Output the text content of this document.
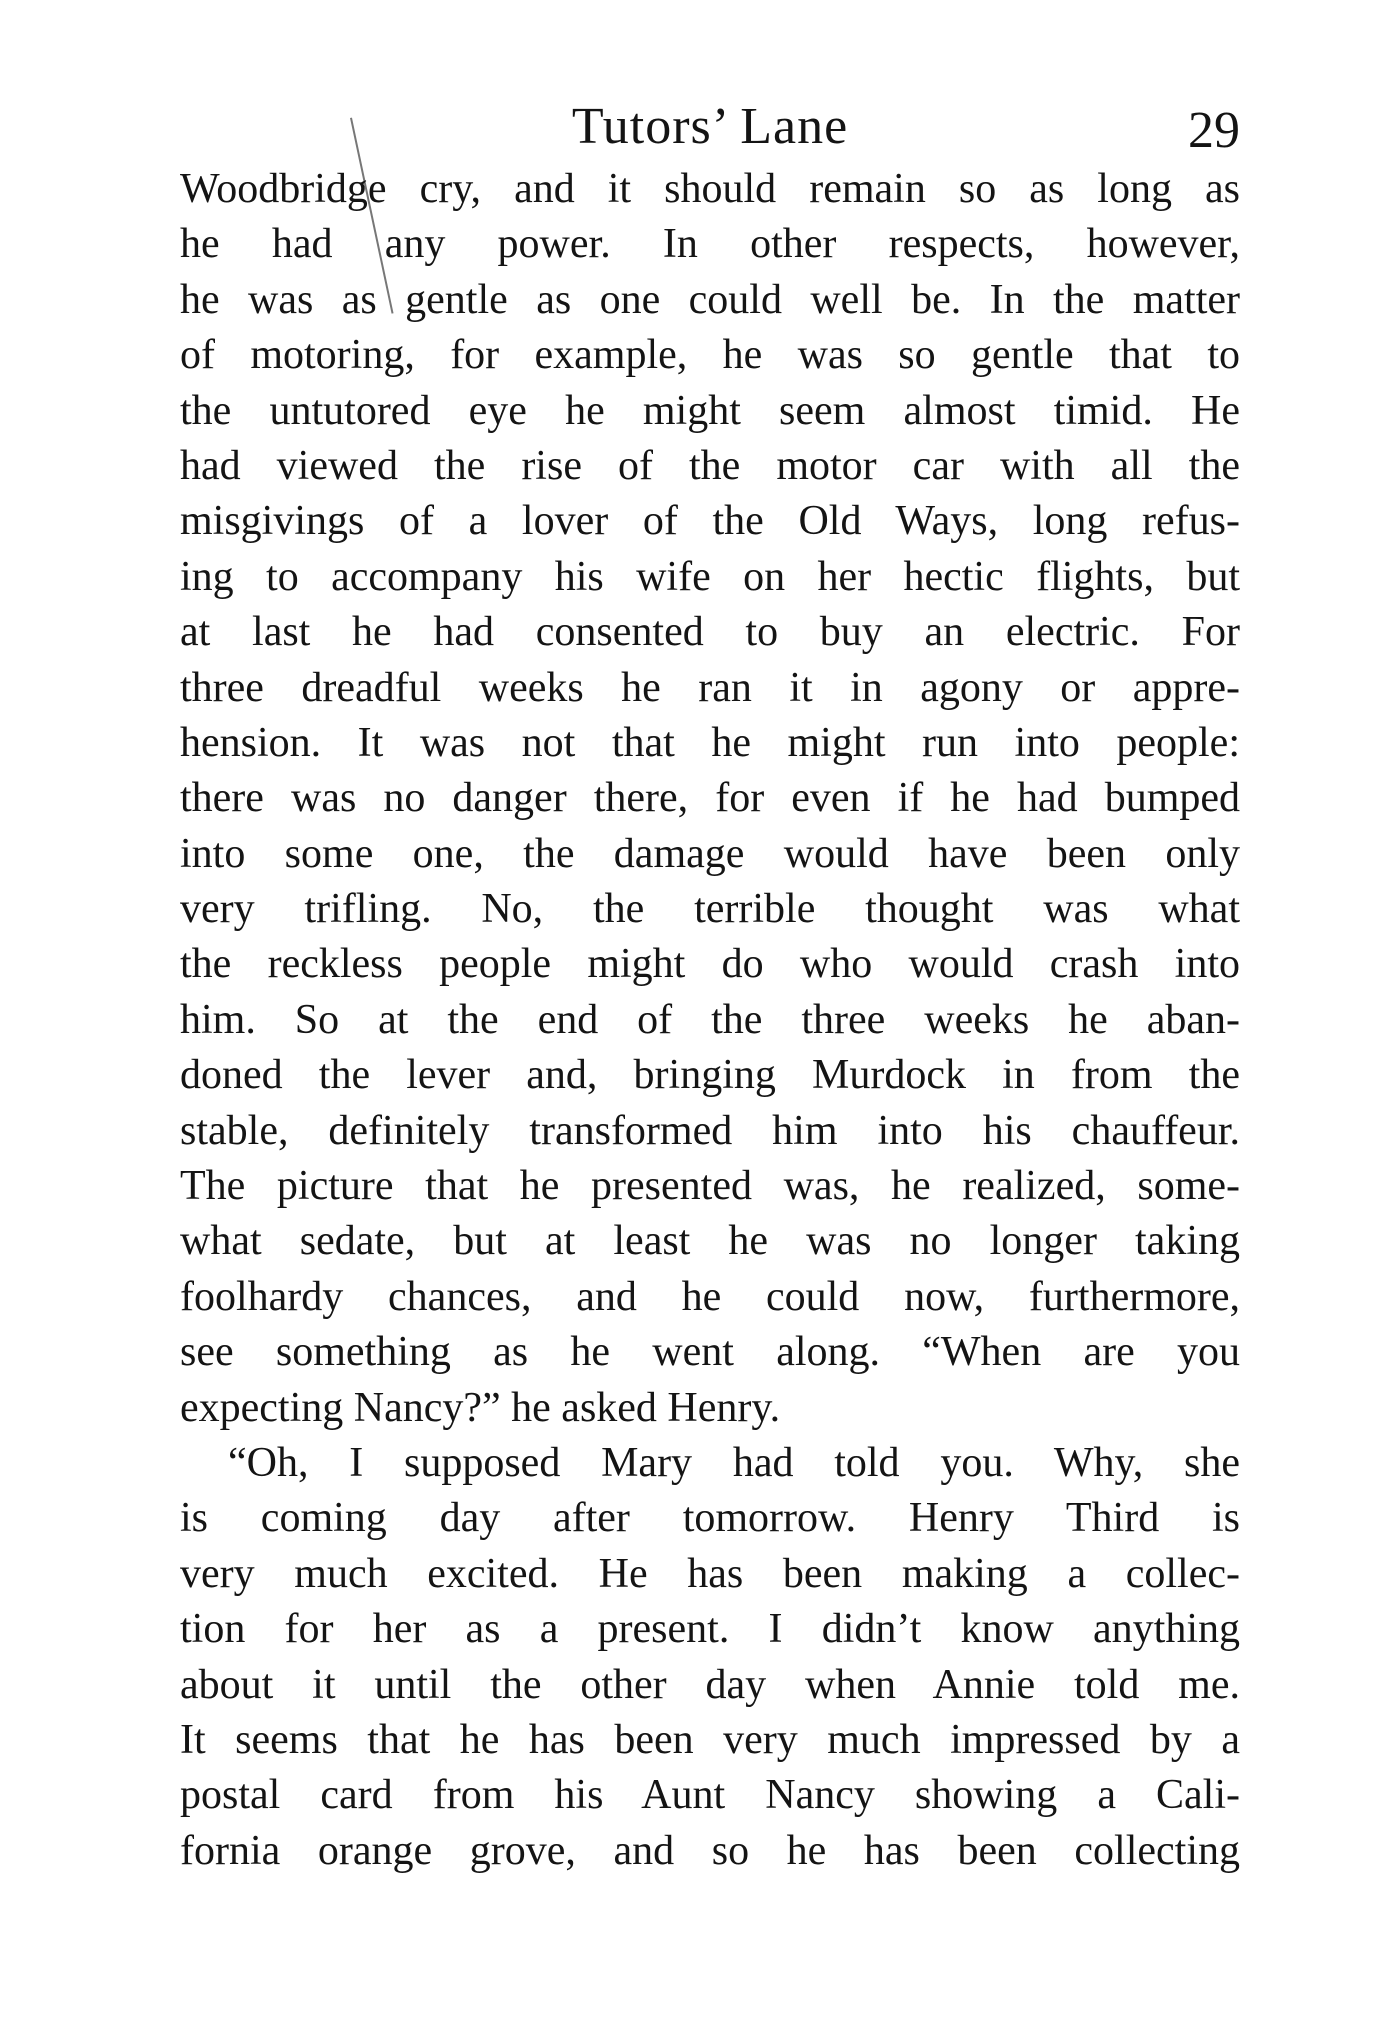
Tutors’ Lane	29
Woodbridge cry, and it should remain so as long as
he had any power. In other respects, however,
he was as gentle as one could well be. In the matter
of motoring, for example, he was so gentle that to
the untutored eye he might seem almost timid. He
had viewed the rise of the motor car with all the
misgivings of a lover of the Old Ways, long refus-
ing to accompany his wife on her hectic flights, but
at last he had consented to buy an electric. For
three dreadful weeks he ran it in agony or appre-
hension. It was not that he might run into people:
there was no danger there, for even if he had bumped
into some one, the damage would have been only
very trifling. No, the terrible thought was what
the reckless people might do who would crash into
him. So at the end of the three weeks he aban-
doned the lever and, bringing Murdock in from the
stable, definitely transformed him into his chauffeur.
The picture that he presented was, he realized, some-
what sedate, but at least he was no longer taking
foolhardy chances, and he could now, furthermore,
see something as he went along. “When are you
expecting Nancy?” he asked Henry.
“Oh, I supposed Mary had told you. Why, she
is coming day after tomorrow. Henry Third is
very much excited. He has been making a collec-
tion for her as a present. I didn’t know anything
about it until the other day when Annie told me.
It seems that he has been very much impressed by a
postal card from his Aunt Nancy showing a Cali-
fornia orange grove, and so he has been collecting
